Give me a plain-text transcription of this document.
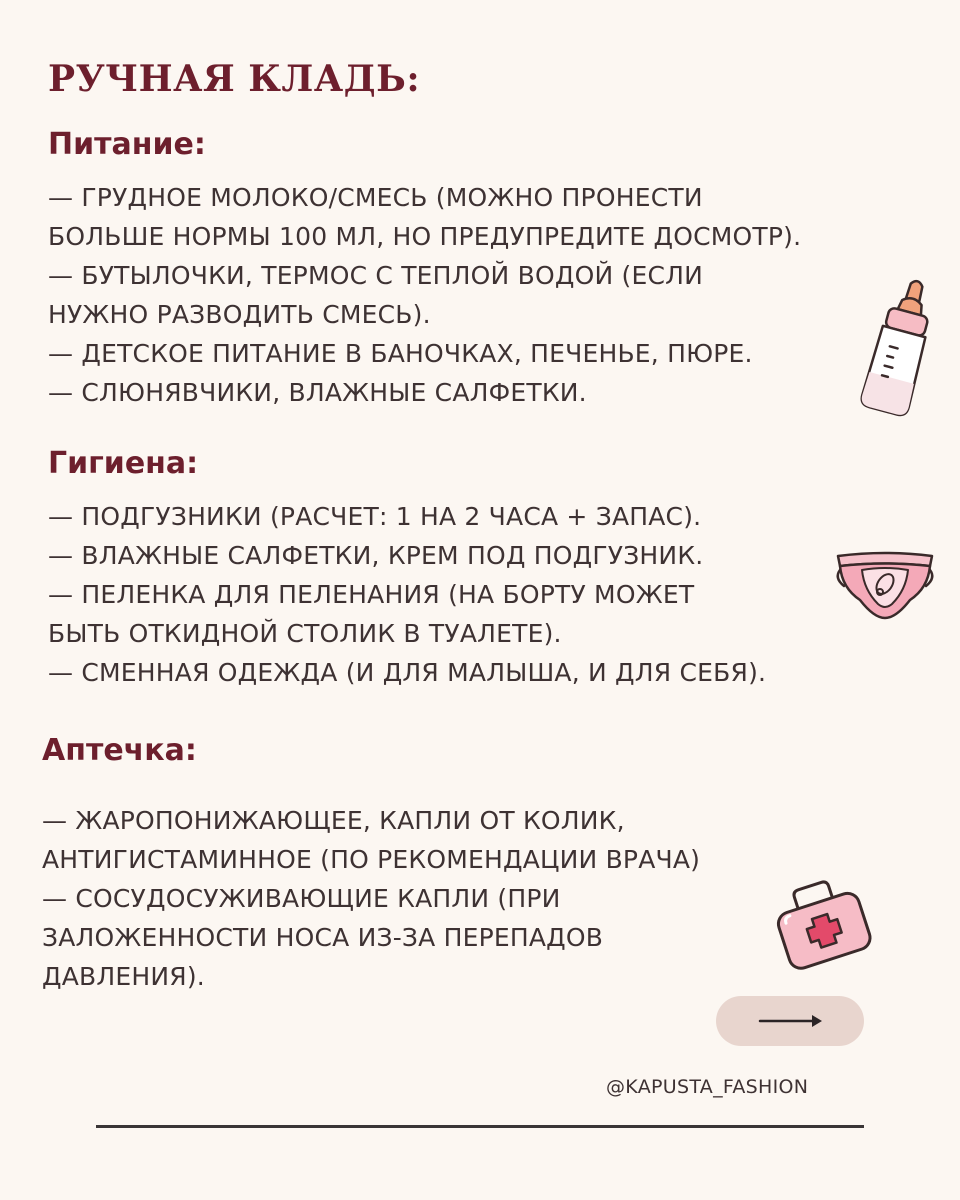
РУЧНАЯ КЛАДЬ:
Питание:
— ГРУДНОЕ МОЛОКО/СМЕСЬ (МОЖНО ПРОНЕСТИ
БОЛЬШЕ НОРМЫ 100 МЛ, НО ПРЕДУПРЕДИТЕ ДОСМОТР).
— БУТЫЛОЧКИ, ТЕРМОС С ТЕПЛОЙ ВОДОЙ (ЕСЛИ
НУЖНО РАЗВОДИТЬ СМЕСЬ).
— ДЕТСКОЕ ПИТАНИЕ В БАНОЧКАХ, ПЕЧЕНЬЕ, ПЮРЕ.
— СЛЮНЯВЧИКИ, ВЛАЖНЫЕ САЛФЕТКИ.
Гигиена:
— ПОДГУЗНИКИ (РАСЧЕТ: 1 НА 2 ЧАСА + ЗАПАС).
— ВЛАЖНЫЕ САЛФЕТКИ, КРЕМ ПОД ПОДГУЗНИК.
— ПЕЛЕНКА ДЛЯ ПЕЛЕНАНИЯ (НА БОРТУ МОЖЕТ
БЫТЬ ОТКИДНОЙ СТОЛИК В ТУАЛЕТЕ).
— СМЕННАЯ ОДЕЖДА (И ДЛЯ МАЛЫША, И ДЛЯ СЕБЯ).
Аптечка:
— ЖАРОПОНИЖАЮЩЕЕ, КАПЛИ ОТ КОЛИК,
АНТИГИСТАМИННОЕ (ПО РЕКОМЕНДАЦИИ ВРАЧА)
— СОСУДОСУЖИВАЮЩИЕ КАПЛИ (ПРИ
ЗАЛОЖЕННОСТИ НОСА ИЗ-ЗА ПЕРЕПАДОВ
ДАВЛЕНИЯ).
@KAPUSTA_FASHION
